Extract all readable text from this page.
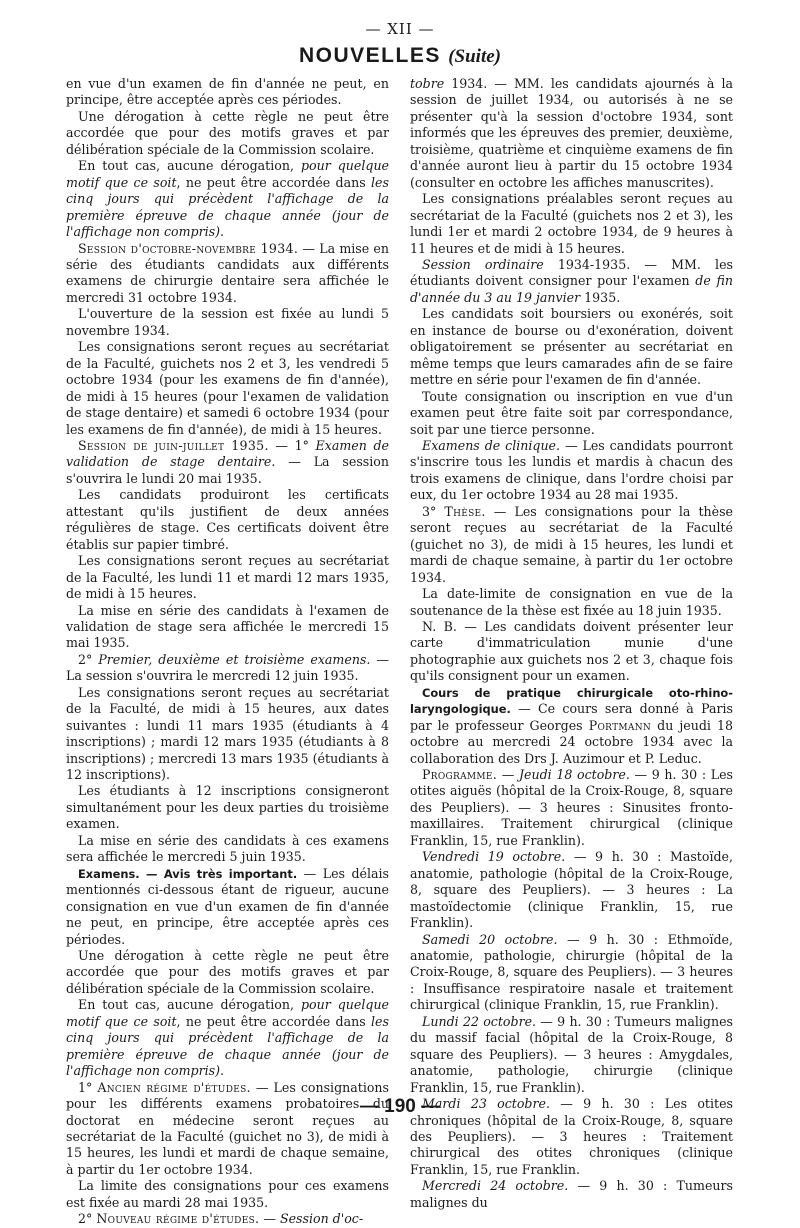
— XII —
NOUVELLES (Suite)

en vue d'un examen de fin d'année ne peut, en principe, être acceptée après ces périodes.

Une dérogation à cette règle ne peut être accordée que pour des motifs graves et par délibération spéciale de la Commission scolaire.

En tout cas, aucune dérogation, pour quelque motif que ce soit, ne peut être accordée dans les cinq jours qui précèdent l'affichage de la première épreuve de chaque année (jour de l'affichage non compris).

Session d'octobre-novembre 1934. — La mise en série des étudiants candidats aux différents examens de chirurgie dentaire sera affichée le mercredi 31 octobre 1934.

L'ouverture de la session est fixée au lundi 5 novembre 1934.

Les consignations seront reçues au secrétariat de la Faculté, guichets nos 2 et 3, les vendredi 5 octobre 1934 (pour les examens de fin d'année), de midi à 15 heures (pour l'examen de validation de stage dentaire) et samedi 6 octobre 1934 (pour les examens de fin d'année), de midi à 15 heures.

Session de juin-juillet 1935. — 1° Examen de validation de stage dentaire. — La session s'ouvrira le lundi 20 mai 1935.

Les candidats produiront les certificats attestant qu'ils justifient de deux années régulières de stage. Ces certificats doivent être établis sur papier timbré.

Les consignations seront reçues au secrétariat de la Faculté, les lundi 11 et mardi 12 mars 1935, de midi à 15 heures.

La mise en série des candidats à l'examen de validation de stage sera affichée le mercredi 15 mai 1935.

2° Premier, deuxième et troisième examens. — La session s'ouvrira le mercredi 12 juin 1935.

Les consignations seront reçues au secrétariat de la Faculté, de midi à 15 heures, aux dates suivantes : lundi 11 mars 1935 (étudiants à 4 inscriptions) ; mardi 12 mars 1935 (étudiants à 8 inscriptions) ; mercredi 13 mars 1935 (étudiants à 12 inscriptions).

Les étudiants à 12 inscriptions consigneront simultanément pour les deux parties du troisième examen.

La mise en série des candidats à ces examens sera affichée le mercredi 5 juin 1935.

Examens. — Avis très important. — Les délais mentionnés ci-dessous étant de rigueur, aucune consignation en vue d'un examen de fin d'année ne peut, en principe, être acceptée après ces périodes.

Une dérogation à cette règle ne peut être accordée que pour des motifs graves et par délibération spéciale de la Commission scolaire.

En tout cas, aucune dérogation, pour quelque motif que ce soit, ne peut être accordée dans les cinq jours qui précèdent l'affichage de la première épreuve de chaque année (jour de l'affichage non compris).

1° Ancien régime d'études. — Les consignations pour les différents examens probatoires du doctorat en médecine seront reçues au secrétariat de la Faculté (guichet no 3), de midi à 15 heures, les lundi et mardi de chaque semaine, à partir du 1er octobre 1934.

La limite des consignations pour ces examens est fixée au mardi 28 mai 1935.

2° Nouveau régime d'études. — Session d'oc-

tobre 1934. — MM. les candidats ajournés à la session de juillet 1934, ou autorisés à ne se présenter qu'à la session d'octobre 1934, sont informés que les épreuves des premier, deuxième, troisième, quatrième et cinquième examens de fin d'année auront lieu à partir du 15 octobre 1934 (consulter en octobre les affiches manuscrites).

Les consignations préalables seront reçues au secrétariat de la Faculté (guichets nos 2 et 3), les lundi 1er et mardi 2 octobre 1934, de 9 heures à 11 heures et de midi à 15 heures.

Session ordinaire 1934-1935. — MM. les étudiants doivent consigner pour l'examen de fin d'année du 3 au 19 janvier 1935.

Les candidats soit boursiers ou exonérés, soit en instance de bourse ou d'exonération, doivent obligatoirement se présenter au secrétariat en même temps que leurs camarades afin de se faire mettre en série pour l'examen de fin d'année.

Toute consignation ou inscription en vue d'un examen peut être faite soit par correspondance, soit par une tierce personne.

Examens de clinique. — Les candidats pourront s'inscrire tous les lundis et mardis à chacun des trois examens de clinique, dans l'ordre choisi par eux, du 1er octobre 1934 au 28 mai 1935.

3° Thèse. — Les consignations pour la thèse seront reçues au secrétariat de la Faculté (guichet no 3), de midi à 15 heures, les lundi et mardi de chaque semaine, à partir du 1er octobre 1934.

La date-limite de consignation en vue de la soutenance de la thèse est fixée au 18 juin 1935.

N. B. — Les candidats doivent présenter leur carte d'immatriculation munie d'une photographie aux guichets nos 2 et 3, chaque fois qu'ils consignent pour un examen.

Cours de pratique chirurgicale oto-rhino-laryngologique. — Ce cours sera donné à Paris par le professeur Georges Portmann du jeudi 18 octobre au mercredi 24 octobre 1934 avec la collaboration des Drs J. Auzimour et P. Leduc.

Programme. — Jeudi 18 octobre. — 9 h. 30 : Les otites aiguës (hôpital de la Croix-Rouge, 8, square des Peupliers). — 3 heures : Sinusites fronto-maxillaires. Traitement chirurgical (clinique Franklin, 15, rue Franklin).

Vendredi 19 octobre. — 9 h. 30 : Mastoïde, anatomie, pathologie (hôpital de la Croix-Rouge, 8, square des Peupliers). — 3 heures : La mastoïdectomie (clinique Franklin, 15, rue Franklin).

Samedi 20 octobre. — 9 h. 30 : Ethmoïde, anatomie, pathologie, chirurgie (hôpital de la Croix-Rouge, 8, square des Peupliers). — 3 heures : Insuffisance respiratoire nasale et traitement chirurgical (clinique Franklin, 15, rue Franklin).

Lundi 22 octobre. — 9 h. 30 : Tumeurs malignes du massif facial (hôpital de la Croix-Rouge, 8 square des Peupliers). — 3 heures : Amygdales, anatomie, pathologie, chirurgie (clinique Franklin, 15, rue Franklin).

Mardi 23 octobre. — 9 h. 30 : Les otites chroniques (hôpital de la Croix-Rouge, 8, square des Peupliers). — 3 heures : Traitement chirurgical des otites chroniques (clinique Franklin, 15, rue Franklin.

Mercredi 24 octobre. — 9 h. 30 : Tumeurs malignes du

— 190 —
